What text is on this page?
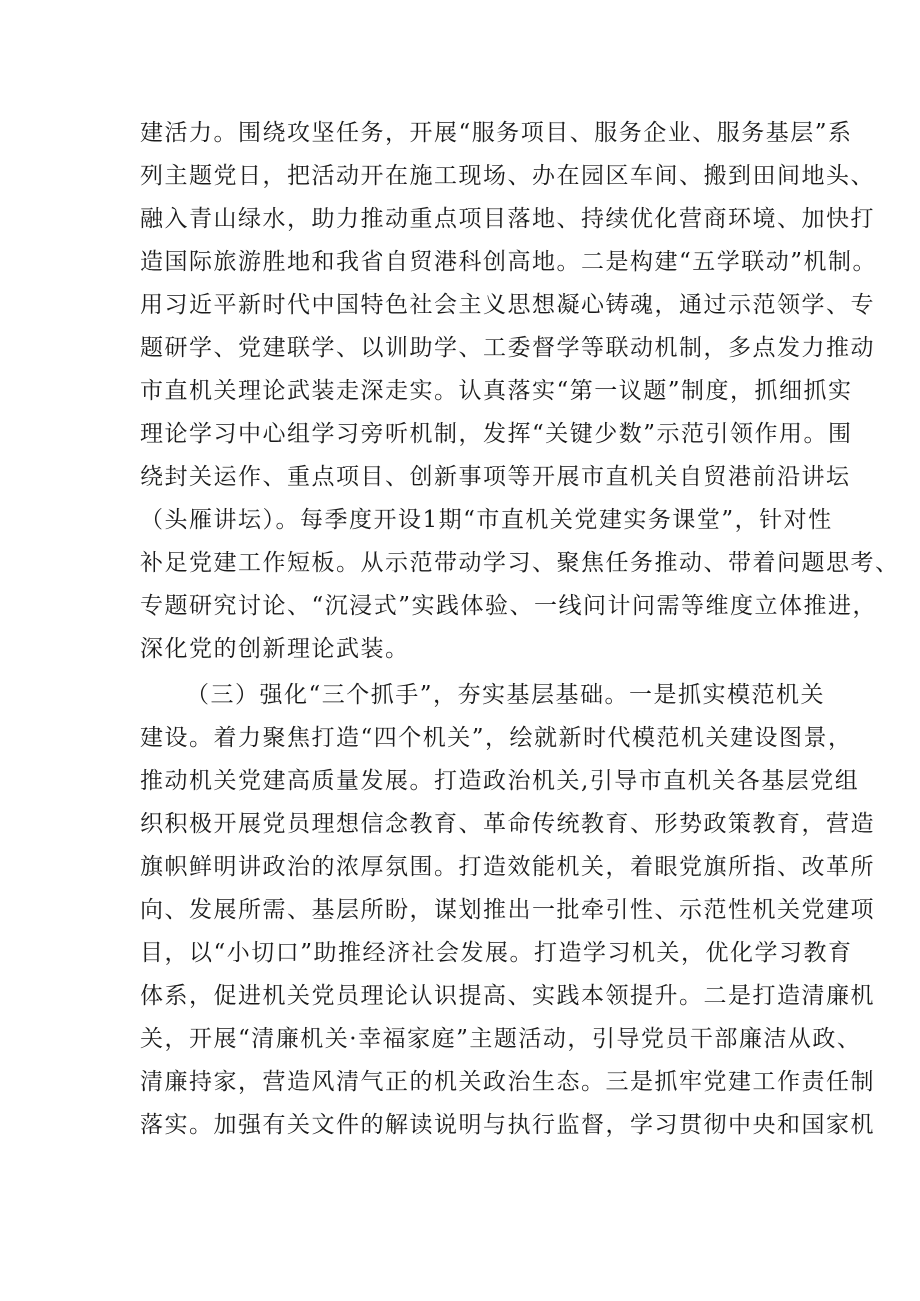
建活力。围绕攻坚任务，开展“服务项目、服务企业、服务基层”系
列主题党日，把活动开在施工现场、办在园区车间、搬到田间地头、
融入青山绿水，助力推动重点项目落地、持续优化营商环境、加快打
造国际旅游胜地和我省自贸港科创高地。二是构建“五学联动”机制。
用习近平新时代中国特色社会主义思想凝心铸魂，通过示范领学、专
题研学、党建联学、以训助学、工委督学等联动机制，多点发力推动
市直机关理论武装走深走实。认真落实“第一议题”制度，抓细抓实
理论学习中心组学习旁听机制，发挥“关键少数”示范引领作用。围
绕封关运作、重点项目、创新事项等开展市直机关自贸港前沿讲坛
（头雁讲坛）。每季度开设1期“市直机关党建实务课堂”，针对性
补足党建工作短板。从示范带动学习、聚焦任务推动、带着问题思考、
专题研究讨论、“沉浸式”实践体验、一线问计问需等维度立体推进，
深化党的创新理论武装。
（三）强化“三个抓手”，夯实基层基础。一是抓实模范机关
建设。着力聚焦打造“四个机关”，绘就新时代模范机关建设图景，
推动机关党建高质量发展。打造政治机关,引导市直机关各基层党组
织积极开展党员理想信念教育、革命传统教育、形势政策教育，营造
旗帜鲜明讲政治的浓厚氛围。打造效能机关，着眼党旗所指、改革所
向、发展所需、基层所盼，谋划推出一批牵引性、示范性机关党建项
目，以“小切口”助推经济社会发展。打造学习机关，优化学习教育
体系，促进机关党员理论认识提高、实践本领提升。二是打造清廉机
关，开展“清廉机关·幸福家庭”主题活动，引导党员干部廉洁从政、
清廉持家，营造风清气正的机关政治生态。三是抓牢党建工作责任制
落实。加强有关文件的解读说明与执行监督，学习贯彻中央和国家机
